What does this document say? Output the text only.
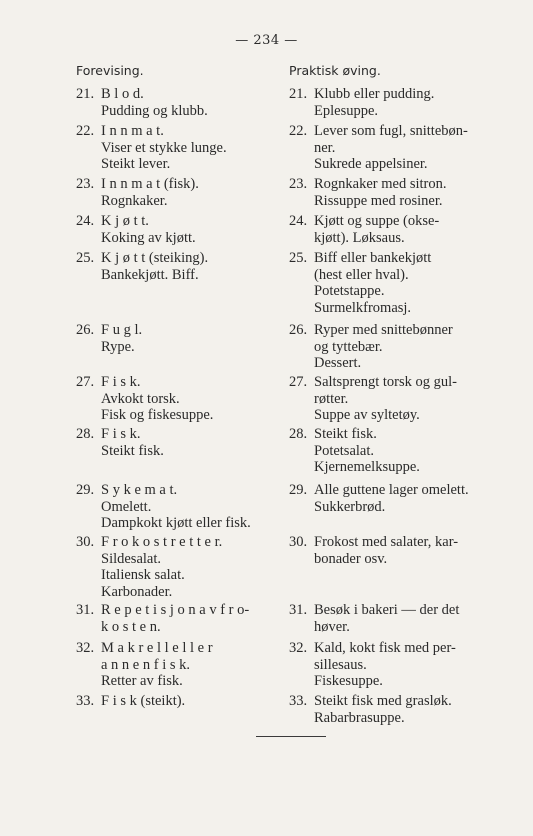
— 234 —
Forevising.	Praktisk øving.
21. B l o d.
Pudding og klubb.
22. I n n m a t.
Viser et stykke lunge.
Steikt lever.
23. I n n m a t (fisk).
Rognkaker.
24. K j ø t t.
Koking av kjøtt.
25. K j ø t t (steiking).
Bankekjøtt. Biff.
26. F u g l.
Rype.
27. F i s k.
Avkokt torsk.
Fisk og fiskesuppe.
28. F i s k.
Steikt fisk.
29. S y k e m a t.
Omelett.
Dampkokt kjøtt eller fisk.
30. F r o k o s t r e t t e r.
Sildesalat.
Italiensk salat.
Karbonader.
31. R e p e t i s j o n a v f r o-
k o s t e n.
32. M a k r e l l e l l e r
a n n e n f i s k.
Retter av fisk.
33. F i s k (steikt).
21. Klubb eller pudding.
Eplesuppe.
22. Lever som fugl, snittebøn-
ner.
Sukrede appelsiner.
23. Rognkaker med sitron.
Rissuppe med rosiner.
24. Kjøtt og suppe (okse-
kjøtt). Løksaus.
25. Biff eller bankekjøtt
(hest eller hval).
Potetstappe.
Surmelkfromasj.
26. Ryper med snittebønner
og tyttebær.
Dessert.
27. Saltsprengt torsk og gul-
røtter.
Suppe av syltetøy.
28. Steikt fisk.
Potetsalat.
Kjernemelksuppe.
29. Alle guttene lager omelett.
Sukkerbrød.
30. Frokost med salater, kar-
bonader osv.
31. Besøk i bakeri — der det
høver.
32. Kald, kokt fisk med per-
sillesaus.
Fiskesuppe.
33. Steikt fisk med grasløk.
Rabarbrasuppe.
